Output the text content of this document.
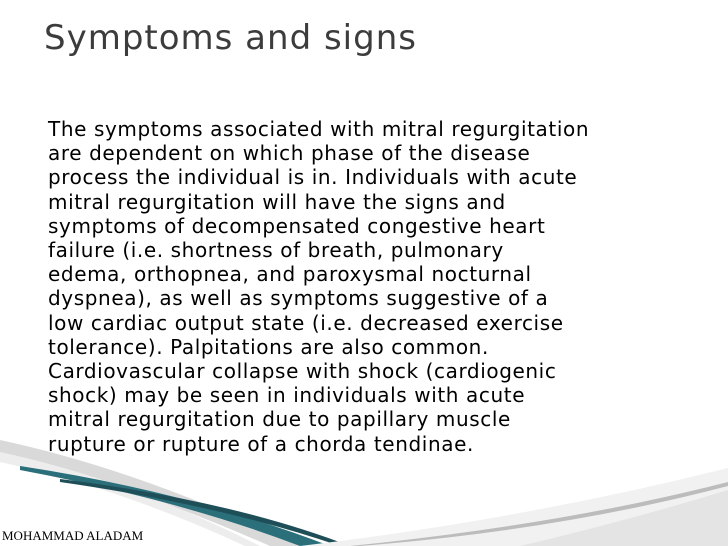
Symptoms and signs
The symptoms associated with mitral regurgitation
are dependent on which phase of the disease
process the individual is in. Individuals with acute
mitral regurgitation will have the signs and
symptoms of decompensated congestive heart
failure (i.e. shortness of breath, pulmonary
edema, orthopnea, and paroxysmal nocturnal
dyspnea), as well as symptoms suggestive of a
low cardiac output state (i.e. decreased exercise
tolerance). Palpitations are also common.
Cardiovascular collapse with shock (cardiogenic
shock) may be seen in individuals with acute
mitral regurgitation due to papillary muscle
rupture or rupture of a chorda tendinae.
MOHAMMAD ALADAM
